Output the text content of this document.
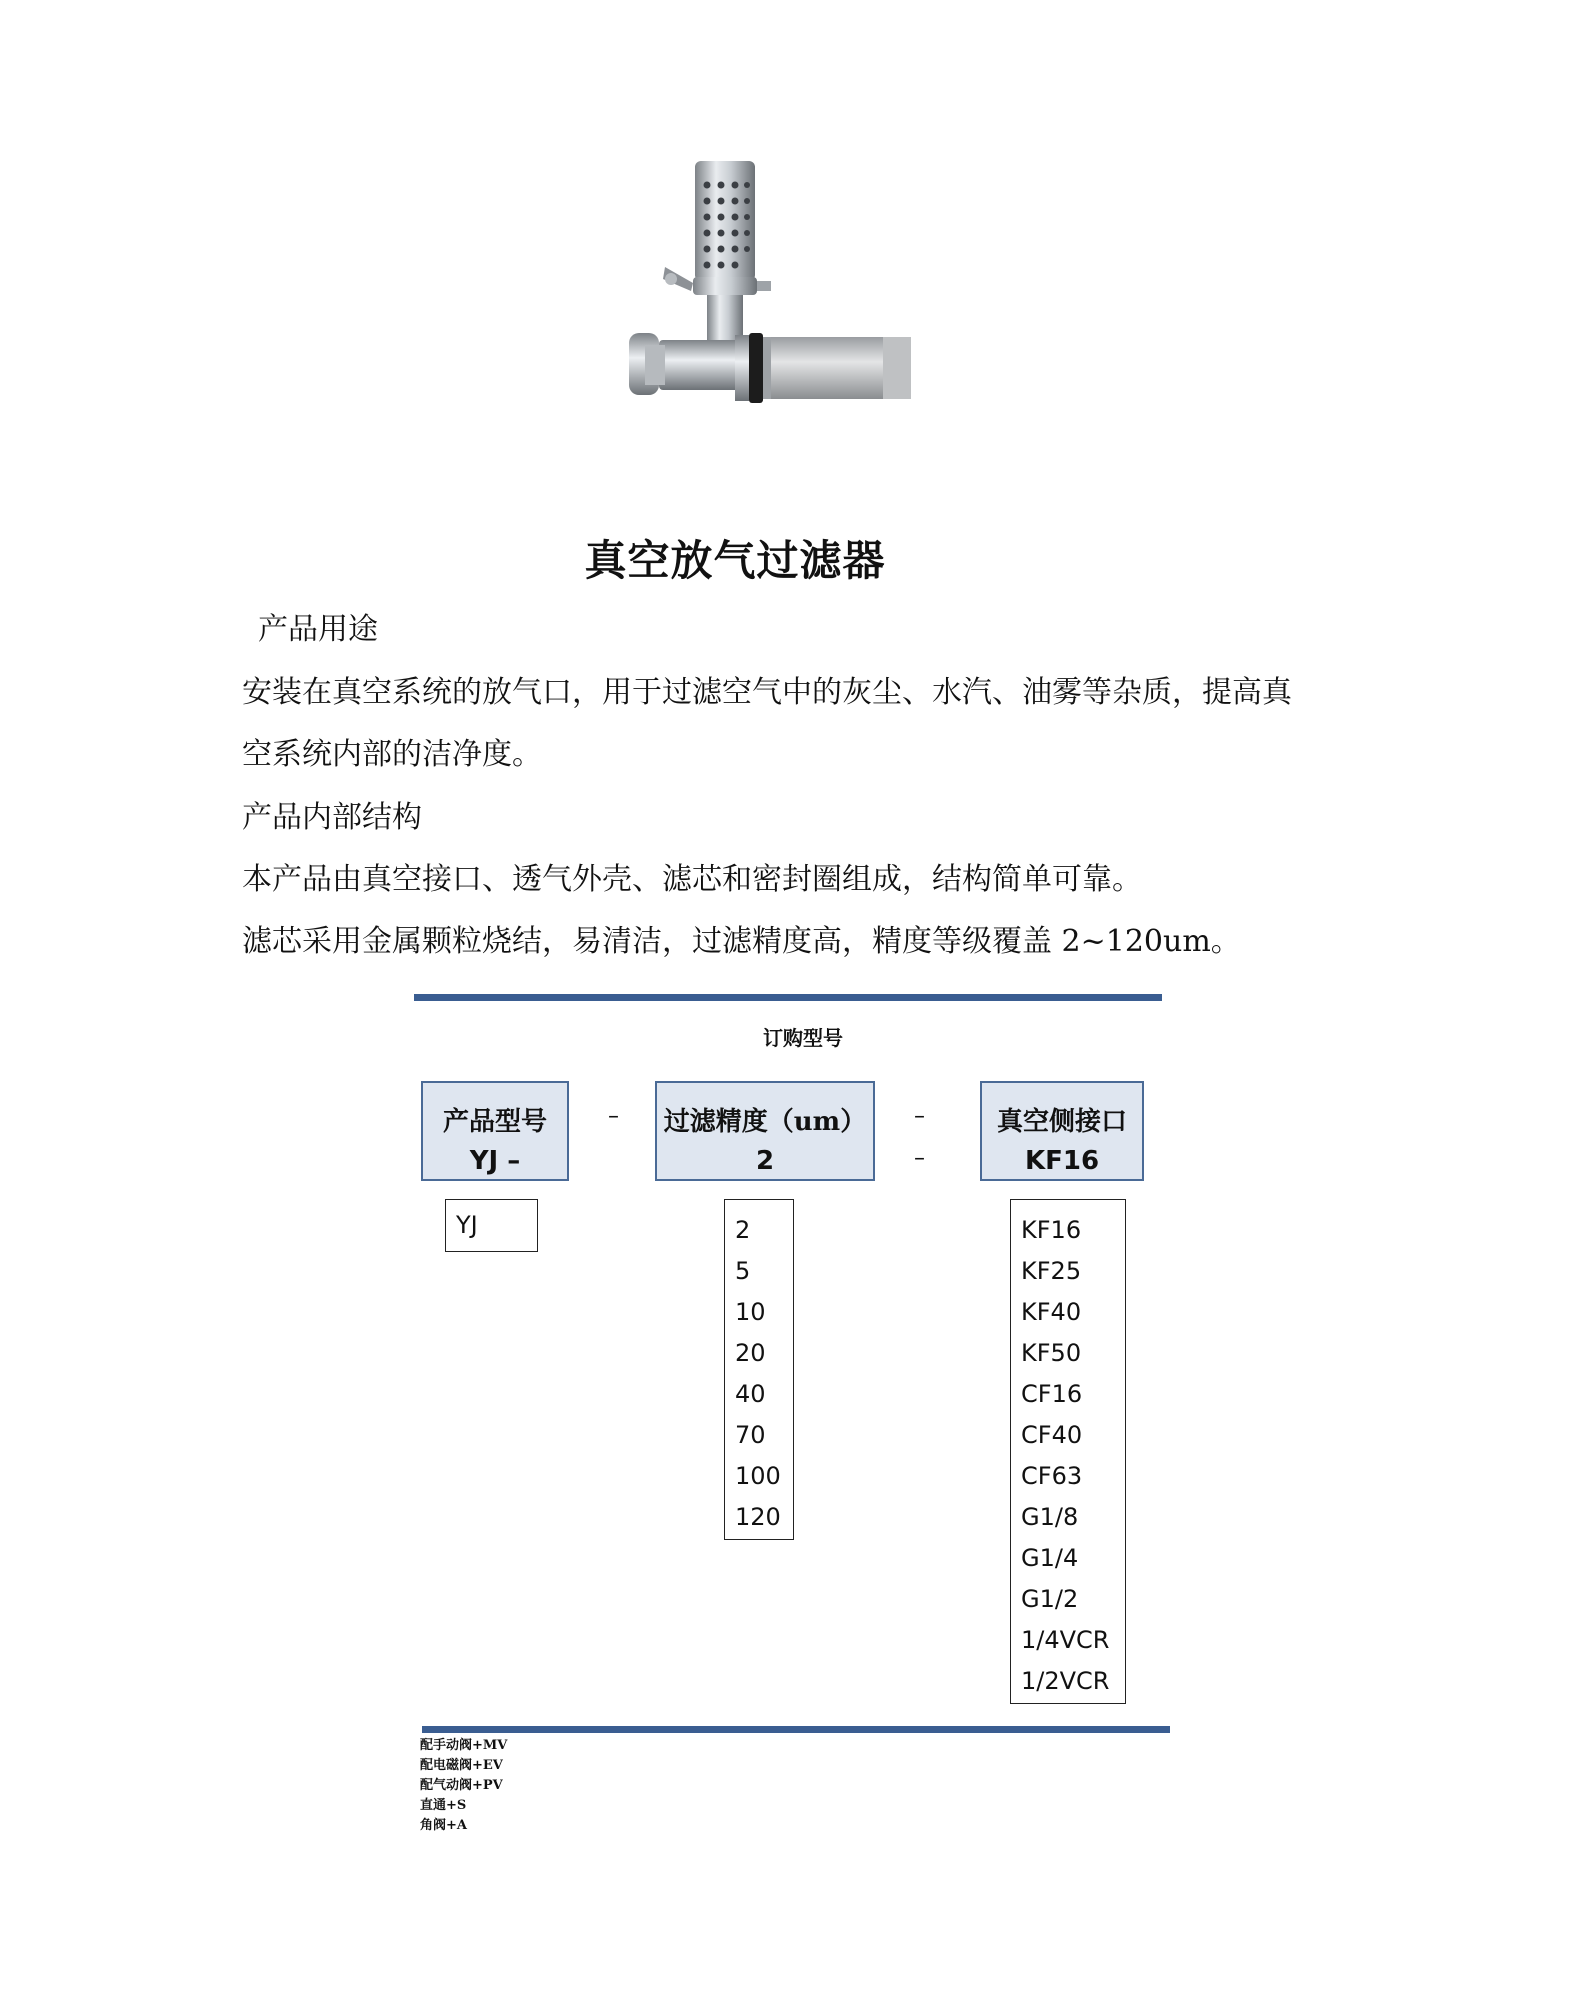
真空放气过滤器
产品用途
安装在真空系统的放气口，用于过滤空气中的灰尘、水汽、油雾等杂质，提高真
空系统内部的洁净度。
产品内部结构
本产品由真空接口、透气外壳、滤芯和密封圈组成，结构简单可靠。
滤芯采用金属颗粒烧结，易清洁，过滤精度高，精度等级覆盖 2~120um。
订购型号
产品型号
YJ –
– 过滤精度（um）
2
–
–
真空侧接口
KF16
YJ	2
5
10
20
40
70
100
120
KF16
KF25
KF40
KF50
CF16
CF40
CF63
G1/8
G1/4
G1/2
1/4VCR
1/2VCR
配手动阀+MV
配电磁阀+EV
配气动阀+PV
直通+S
角阀+A
